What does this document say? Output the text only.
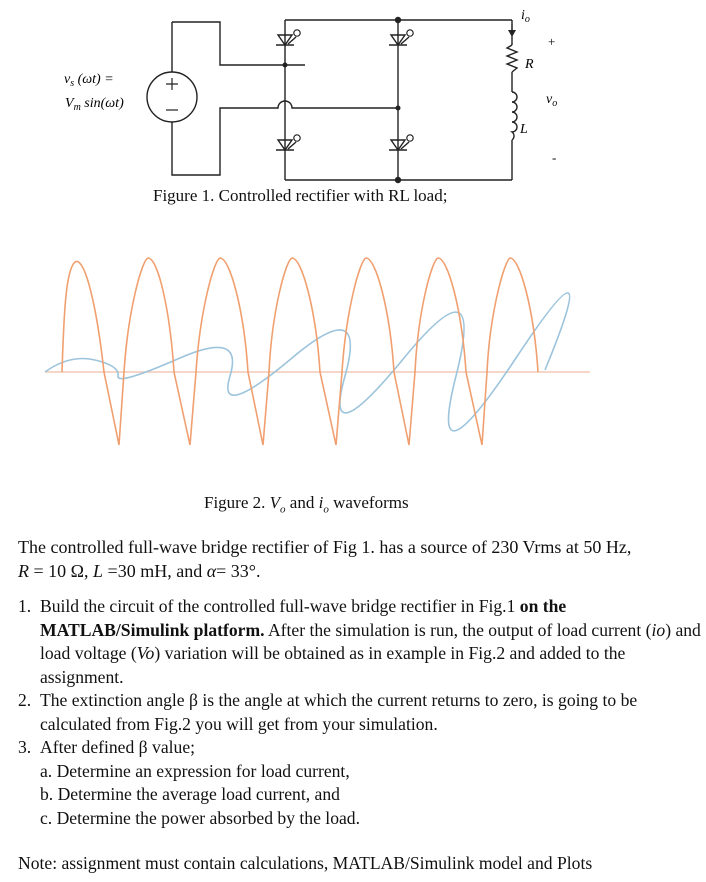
$v_s$ (ωt) =
$V_m$ sin(ωt)
$i_o$
R
L
+
-
$v_o$
Figure 1. Controlled rectifier with RL load;
Figure 2. $V_o$ and $i_o$ waveforms
The controlled full-wave bridge rectifier of Fig 1. has a source of 230 Vrms at 50 Hz,
R = 10 Ω, L =30 mH, and α= 33°.
1. Build the circuit of the controlled full-wave bridge rectifier in Fig.1 on the MATLAB/Simulink platform. After the simulation is run, the output of load current (io) and load voltage (Vo) variation will be obtained as in example in Fig.2 and added to the assignment.
2. The extinction angle β is the angle at which the current returns to zero, is going to be calculated from Fig.2 you will get from your simulation.
3. After defined β value;
a. Determine an expression for load current,
b. Determine the average load current, and
c. Determine the power absorbed by the load.
Note: assignment must contain calculations, MATLAB/Simulink model and Plots
